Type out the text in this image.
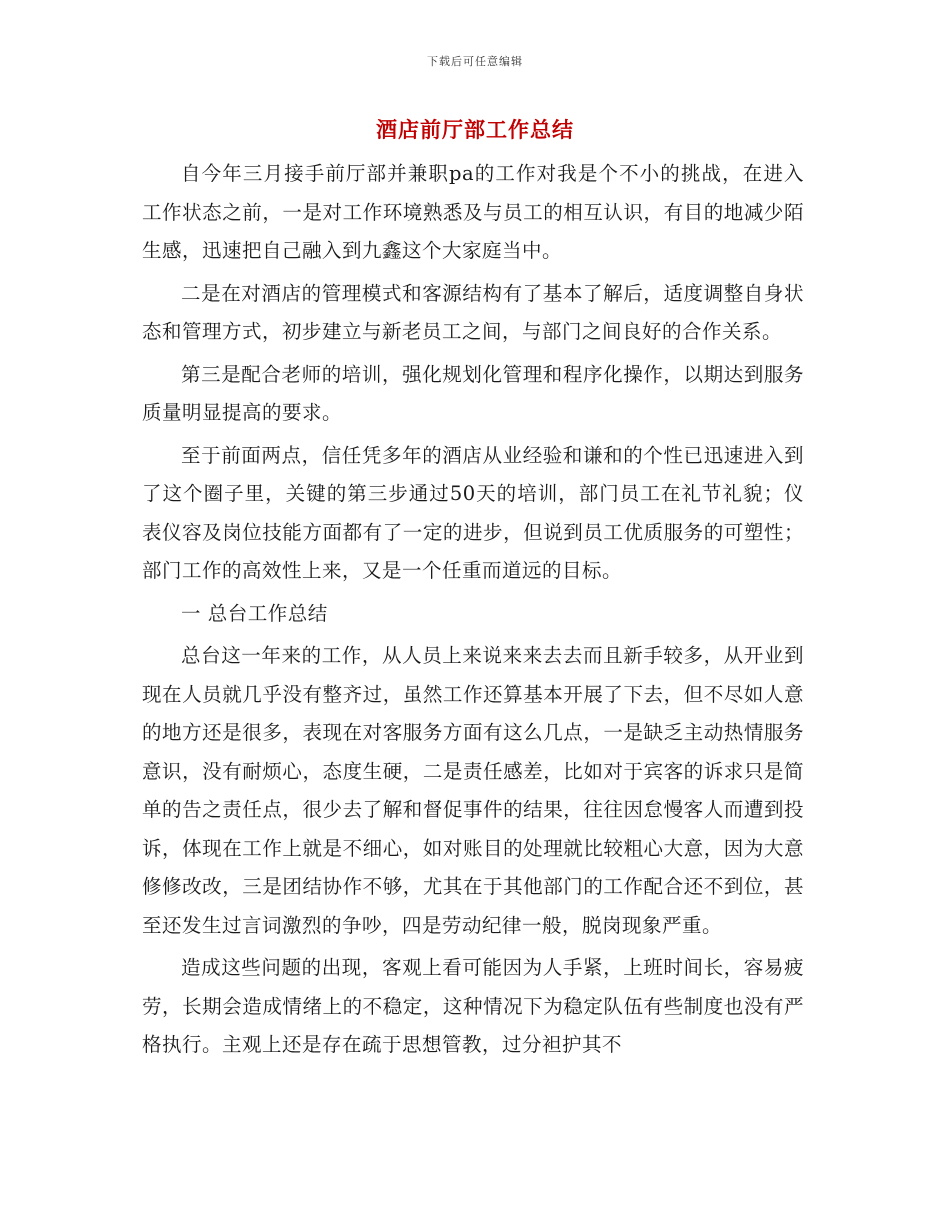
下载后可任意编辑
酒店前厅部工作总结

自今年三月接手前厅部并兼职pa的工作对我是个不小的挑战，在进入工作状态之前，一是对工作环境熟悉及与员工的相互认识，有目的地减少陌生感，迅速把自己融入到九鑫这个大家庭当中。

二是在对酒店的管理模式和客源结构有了基本了解后，适度调整自身状态和管理方式，初步建立与新老员工之间，与部门之间良好的合作关系。

第三是配合老师的培训，强化规划化管理和程序化操作，以期达到服务质量明显提高的要求。

至于前面两点，信任凭多年的酒店从业经验和谦和的个性已迅速进入到了这个圈子里，关键的第三步通过50天的培训，部门员工在礼节礼貌；仪表仪容及岗位技能方面都有了一定的进步，但说到员工优质服务的可塑性；部门工作的高效性上来，又是一个任重而道远的目标。

一 总台工作总结

总台这一年来的工作，从人员上来说来来去去而且新手较多，从开业到现在人员就几乎没有整齐过，虽然工作还算基本开展了下去，但不尽如人意的地方还是很多，表现在对客服务方面有这么几点，一是缺乏主动热情服务意识，没有耐烦心，态度生硬，二是责任感差，比如对于宾客的诉求只是简单的告之责任点，很少去了解和督促事件的结果，往往因怠慢客人而遭到投诉，体现在工作上就是不细心，如对账目的处理就比较粗心大意，因为大意修修改改，三是团结协作不够，尤其在于其他部门的工作配合还不到位，甚至还发生过言词激烈的争吵，四是劳动纪律一般，脱岗现象严重。

造成这些问题的出现，客观上看可能因为人手紧，上班时间长，容易疲劳，长期会造成情绪上的不稳定，这种情况下为稳定队伍有些制度也没有严格执行。主观上还是存在疏于思想管教，过分袒护其不
